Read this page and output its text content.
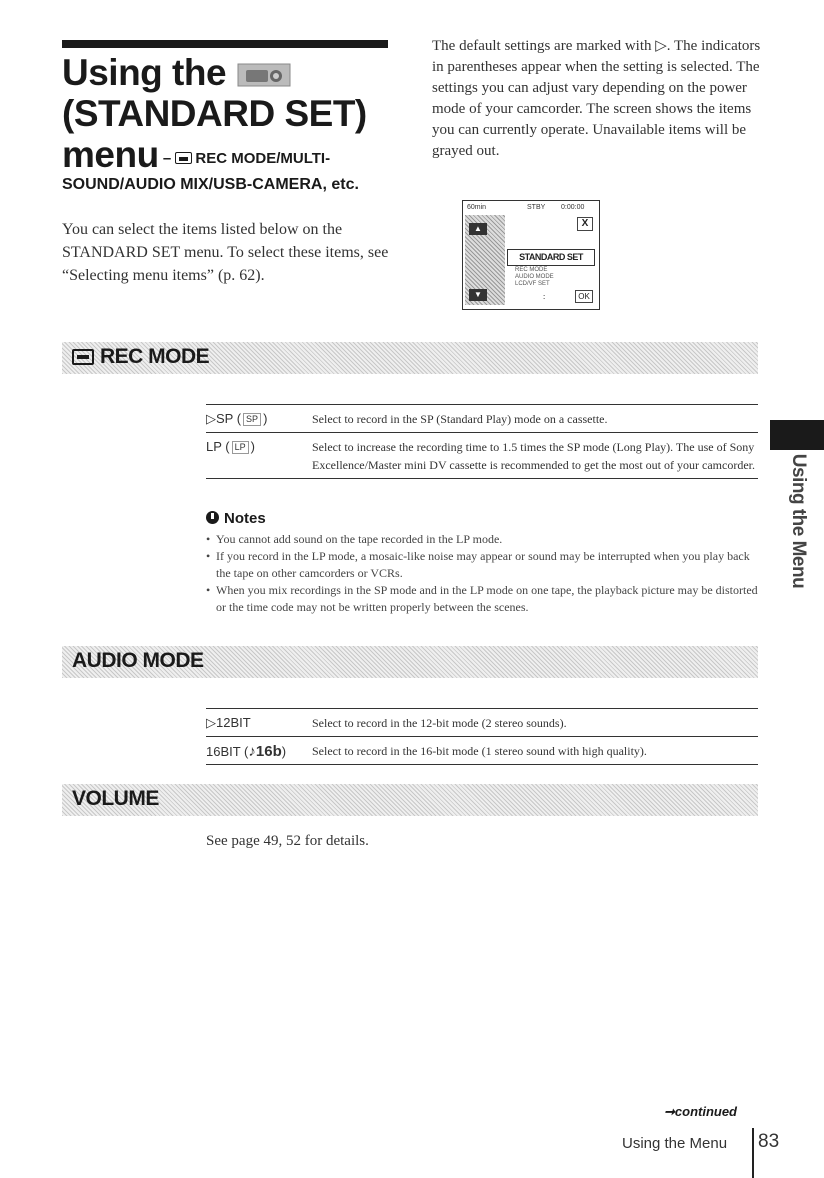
Using the
(STANDARD SET)
menu – REC MODE/MULTI-
SOUND/AUDIO MIX/USB-CAMERA, etc.
You can select the items listed below on the STANDARD SET menu. To select these items, see “Selecting menu items” (p. 62).
The default settings are marked with ▷. The indicators in parentheses appear when the setting is selected. The settings you can adjust vary depending on the power mode of your camcorder. The screen shows the items you can currently operate. Unavailable items will be grayed out.
60min	STBY 0:00:00
▲
▼
X
STANDARD SET
REC MODE
AUDIO MODE
LCD/VF SET
:	OK
REC MODE
▷SP ( SP )	Select to record in the SP (Standard Play) mode on a cassette.
LP ( LP )	Select to increase the recording time to 1.5 times the SP mode (Long Play). The use of Sony Excellence/Master mini DV cassette is recommended to get the most out of your camcorder.
Notes
• You cannot add sound on the tape recorded in the LP mode.
• If you record in the LP mode, a mosaic-like noise may appear or sound may be interrupted when you play back the tape on other camcorders or VCRs.
• When you mix recordings in the SP mode and in the LP mode on one tape, the playback picture may be distorted or the time code may not be written properly between the scenes.
AUDIO MODE
▷12BIT	Select to record in the 12-bit mode (2 stereo sounds).
16BIT (♪16b) Select to record in the 16-bit mode (1 stereo sound with high quality).
VOLUME
See page 49, 52 for details.
Using the Menu
➞continued
Using the Menu 83
